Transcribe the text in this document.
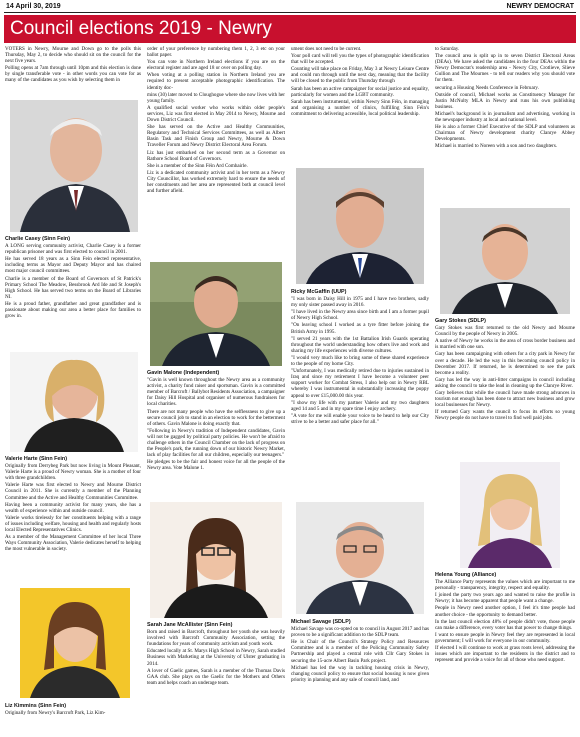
14 April 30, 2019	NEWRY DEMOCRAT
Council elections 2019 - Newry

VOTERS in Newry, Mourne and Down go to the polls this Thursday, May 2, to decide who should sit on the council for the next five years.

Polling opens at 7am through until 10pm and this election is done by single transferable vote - in other words you can vote for as many of the candidates as you wish by selecting them in

Charlie Casey (Sinn Fein)

A LONG serving community activist, Charlie Casey is a former republican prisoner and was first elected to council in 2001.

He has served 18 years as a Sinn Fein elected representative, including terms as Mayor and Deputy Mayor and has chaired most major council committees.

Charlie is a member of the Board of Governors of St Patrick's Primary School The Meadow, Bessbrook Ard Ide and St Joseph's High School. He has served two terms on the Board of Libraries NI.

He is a proud father, grandfather and great grandfather and is passionate about making our area a better place for families to grow in.

Valerie Harte (Sinn Fein)

Originally from Derrybeg Park but now living in Mount Pleasant, Valerie Harte is a proud of Newry woman. She is a mother of four with three grandchildren.

Valerie Harte was first elected to Newry and Mourne District Council in 2011. She is currently a member of the Planning Committee and the Active and Healthy Communities Committee.

Having been a community activist for many years, she has a wealth of experience within and outside council.

Valerie works tirelessly for her constituents helping with a range of issues including welfare, housing and health and regularly hosts local Elected Representatives Clinics.

As a member of the Management Committee of her local Three Ways Community Association, Valerie dedicates herself to helping the most vulnerable in society.

Liz Kimmins (Sinn Fein)

Originally from Newry's Barcroft Park, Liz Kim-

order of your preference by numbering them 1, 2, 3 etc on your ballot paper.

You can vote in Northern Ireland elections if you are on the electoral register and are aged 18 or over on polling day.

When voting at a polling station in Northern Ireland you are required to present acceptable photographic identification. The identity doc-

mins (30) later moved to Cloughogue where she now lives with her young family.

A qualified social worker who works within older people's services, Liz was first elected in May 2014 to Newry, Mourne and Down District Council.

She has served on the Active and Healthy Communities, Regulatory and Technical Services Committees, as well as Albert Basin Task and Finish Group and Newry, Mourne & Down Traveller Forum and Newry District Electoral Area Forum.

Liz has just embarked on her second term as a Governor on Rathore School Board of Governors.

She is a member of the Sinn Féin Ard Comhairle.

Liz is a dedicated community activist and in her term as a Newry City Councillor, has worked extremely hard to ensure the needs of her constituents and her area are represented both at council level and further afield.

Gavin Malone (Independent)

"Gavin is well known throughout the Newry area as a community activist, a charity fund raiser and sportsman. Gavin is a committed member of Barcroft / Ballybot Residents Association, a campaigner for Daisy Hill Hospital and organiser of numerous fundraisers for local charities.

There are not many people who have the selflessness to give up a secure council job to stand in an election to work for the betterment of others. Gavin Malone is doing exactly that.

"Following in Newry's tradition of Independent candidates, Gavin will not be gagged by political party policies. He won't be afraid to challenge others in the Council Chamber on the lack of progress on the People's park, the running down of our historic Newry Market, lack of play facilities for all our children, especially our teenagers."

He pledges to be the fair and honest voice for all the people of the Newry area. Vote Malone 1.

Sarah Jane McAllister (Sinn Fein)

Born and raised in Barcroft, throughout her youth she was heavily involved with Barcroft Community Association, setting the foundations for years of community activism and youth work.

Educated locally at St. Marys High School in Newry, Sarah studied Business with Marketing at the University of Ulster graduating in 2014.

A lover of Gaelic games, Sarah is a member of the Thomas Davis GAA club. She plays on the Gaelic for the Mothers and Others team and helps coach an underage team.

ument does not need to be current.

Your poll card will tell you the types of photographic identification that will be accepted.

Counting will take place on Friday, May 3 at Newry Leisure Centre and could run through until the next day, meaning that the facility will be closed to the public from Thursday through

Sarah has been an active campaigner for social justice and equality, particularly for women and the LGBT community.

Sarah has been instrumental, within Newry Sinn Féin, in managing and organising a number of clinics, fulfilling Sinn Féin's commitment to delivering accessible, local political leadership.

Ricky McGaffin (UUP)

"I was born in Daisy Hill in 1975 and I have two brothers, sadly my only sister passed away in 2016.

"I have lived in the Newry area since birth and I am a former pupil of Newry High School.

"On leaving school I worked as a tyre fitter before joining the British Army in 1995.

"I served 21 years with the 1st Battalion Irish Guards operating throughout the world understanding how others live and work and sharing my life experiences with diverse cultures.

"I would very much like to bring some of these shared experience to the people of my home City.

"Unfortunately, I was medically retired due to injuries sustained in Iraq and since my retirement I have become a volunteer peer support worker for Combat Stress, I also help out in Newry RBL whereby I was instrumental in substantially increasing the poppy appeal to over £15,000.00 this year.

"I show my life with my partner Valerie and my two daughters aged 14 and 5 and in my spare time I enjoy archery.

"A vote for me will enable your voice to be heard to help our City strive to be a better and safer place for all."

Michael Savage (SDLP)

Michael Savage was co-opted on to council in August 2017 and has proven to be a significant addition to the SDLP team.

He is Chair of the Council's Strategy Policy and Resources Committee and is a member of the Policing Community Safety Partnership and played a central role with Cllr Gary Stokes in securing the 15-acre Albert Basin Park project.

Michael has led the way in tackling housing crisis in Newry, changing council policy to ensure that social housing is now given priority in planning and any sale of council land, and

to Saturday.

The council area is split up in to seven District Electoral Areas (DEAs). We have asked the candidates in the four DEAs within the Newry Democrat's readership area - Newry City, Crotlieve, Slieve Gullion and The Mournes - to tell our readers why you should vote for them.

securing a Housing Needs Conference in February.

Outside of council, Michael works as Constituency Manager for Justin McNulty MLA in Newry and runs his own publishing business.

Michael's background is in journalism and advertising, working in the newspaper industry at local and national level.

He is also a former Chief Executive of the SDLP and volunteers as Chairman of Newry development charity Clanrye Abbey Developments.

Michael is married to Noreen with a son and two daughters.

Gary Stokes (SDLP)

Gary Stokes was first returned to the old Newry and Mourne Council by the people of Newry in 2005.

A native of Newry he works in the area of cross border business and is married with one son.

Gary has been campaigning with others for a city park in Newry for over a decade. He led the way in this becoming council policy in December 2017. If returned, he is determined to see the park become a reality.

Gary has led the way in anti-litter campaigns in council including asking the council to take the lead in cleaning up the Clanrye River.

Gary believes that while the council have made strong advances in tourism not enough has been done to attract new business and grow local businesses for Newry.

If returned Gary wants the council to focus its efforts so young Newry people do not have to travel to find well paid jobs.

Helena Young (Alliance)

The Alliance Party represents the values which are important to me personally - transparency, integrity, respect and equality.

I joined the party two years ago and wanted to raise the profile in Newry; it has become apparent that people want a change.

People in Newry need another option, I feel it's time people had another choice - the opportunity to demand better.

In the last council election 48% of people didn't vote, those people can make a difference, every voter has that power to change things.

I want to ensure people in Newry feel they are represented in local government; I will work for everyone in our community.

If elected I will continue to work at grass roots level, addressing the issues which are important to the residents in the district and to represent and provide a voice for all of those who need support.
